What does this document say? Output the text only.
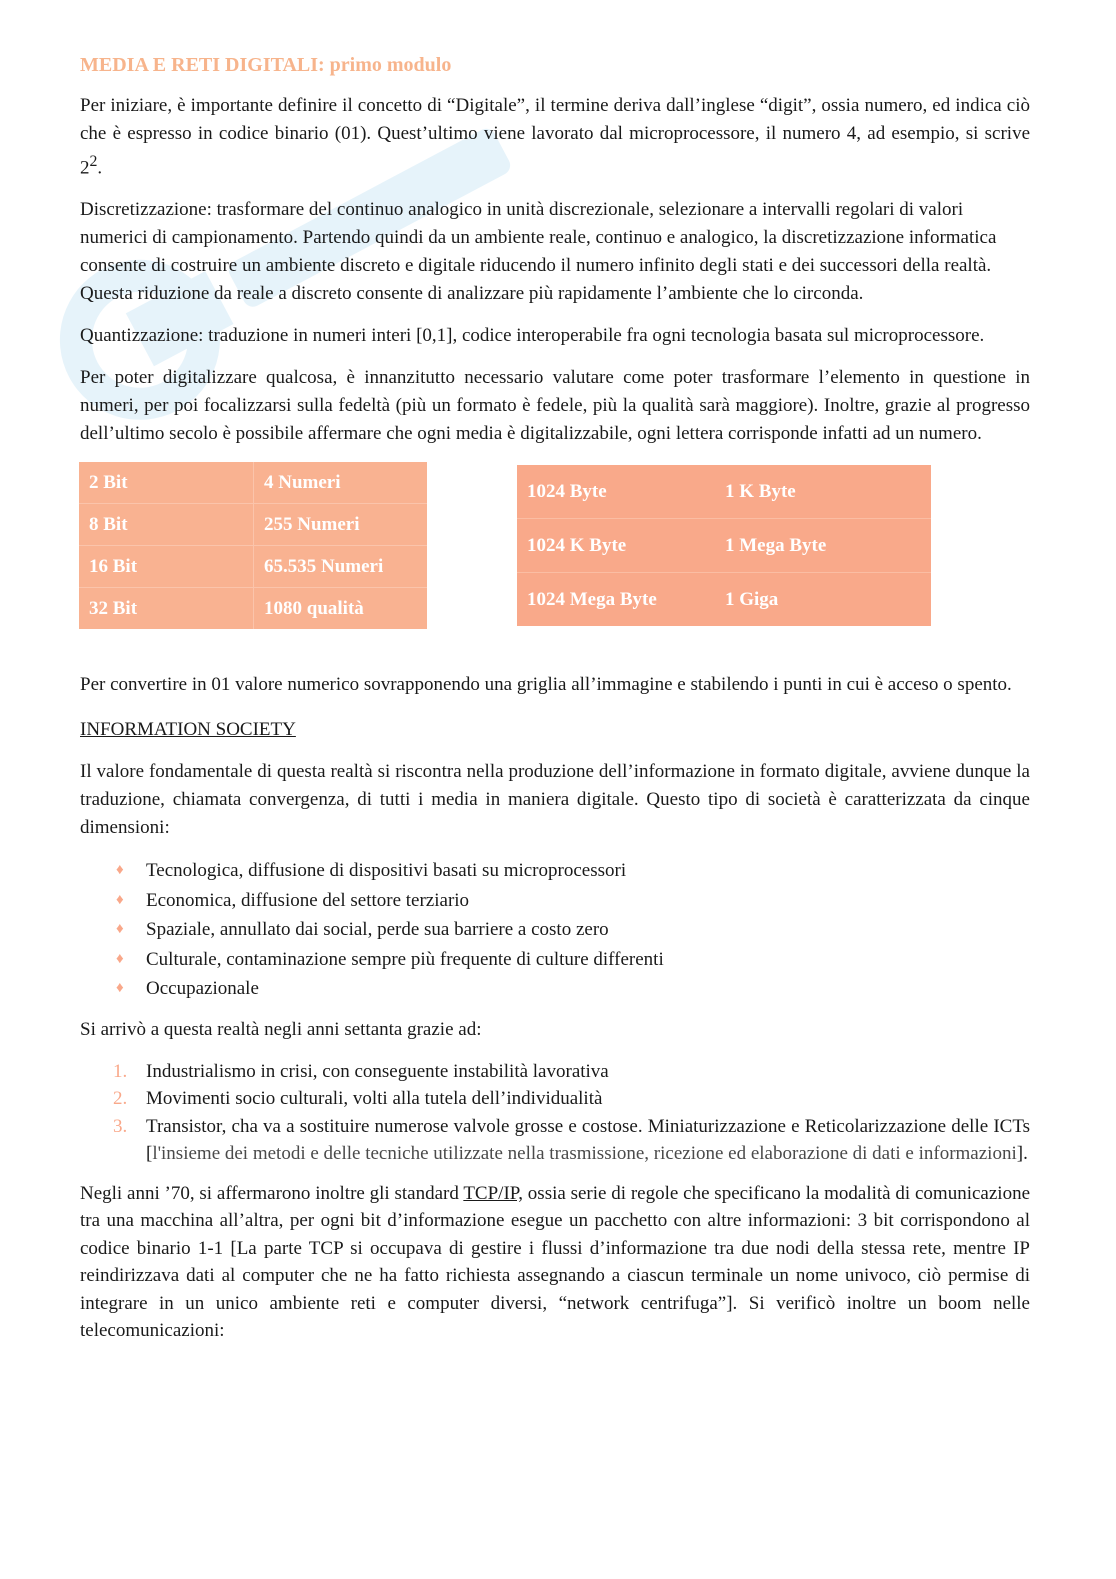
MEDIA E RETI DIGITALI: primo modulo

Per iniziare, è importante definire il concetto di “Digitale”, il termine deriva dall’inglese “digit”, ossia numero, ed indica ciò che è espresso in codice binario (01). Quest’ultimo viene lavorato dal microprocessore, il numero 4, ad esempio, si scrive $2^2$.

Discretizzazione: trasformare del continuo analogico in unità discrezionale, selezionare a intervalli regolari di valori numerici di campionamento. Partendo quindi da un ambiente reale, continuo e analogico, la discretizzazione informatica consente di costruire un ambiente discreto e digitale riducendo il numero infinito degli stati e dei successori della realtà. Questa riduzione da reale a discreto consente di analizzare più rapidamente l’ambiente che lo circonda.

Quantizzazione: traduzione in numeri interi [0,1], codice interoperabile fra ogni tecnologia basata sul microprocessore.

Per poter digitalizzare qualcosa, è innanzitutto necessario valutare come poter trasformare l’elemento in questione in numeri, per poi focalizzarsi sulla fedeltà (più un formato è fedele, più la qualità sarà maggiore). Inoltre, grazie al progresso dell’ultimo secolo è possibile affermare che ogni media è digitalizzabile, ogni lettera corrisponde infatti ad un numero.

2 Bit	4 Numeri
8 Bit	255 Numeri
16 Bit	65.535 Numeri
32 Bit	1080 qualità
1024 Byte	1 K Byte
1024 K Byte	1 Mega Byte
1024 Mega Byte	1 Giga

Per convertire in 01 valore numerico sovrapponendo una griglia all’immagine e stabilendo i punti in cui è acceso o spento.

INFORMATION SOCIETY

Il valore fondamentale di questa realtà si riscontra nella produzione dell’informazione in formato digitale, avviene dunque la traduzione, chiamata convergenza, di tutti i media in maniera digitale. Questo tipo di società è caratterizzata da cinque dimensioni:

♦ Tecnologica, diffusione di dispositivi basati su microprocessori
♦ Economica, diffusione del settore terziario
♦ Spaziale, annullato dai social, perde sua barriere a costo zero
♦ Culturale, contaminazione sempre più frequente di culture differenti
♦ Occupazionale

Si arrivò a questa realtà negli anni settanta grazie ad:

1. Industrialismo in crisi, con conseguente instabilità lavorativa
2. Movimenti socio culturali, volti alla tutela dell’individualità
3. Transistor, cha va a sostituire numerose valvole grosse e costose. Miniaturizzazione e Reticolarizzazione delle ICTs [l'insieme dei metodi e delle tecniche utilizzate nella trasmissione, ricezione ed elaborazione di dati e informazioni].

Negli anni ’70, si affermarono inoltre gli standard TCP/IP, ossia serie di regole che specificano la modalità di comunicazione tra una macchina all’altra, per ogni bit d’informazione esegue un pacchetto con altre informazioni: 3 bit corrispondono al codice binario 1-1 [La parte TCP si occupava di gestire i flussi d’informazione tra due nodi della stessa rete, mentre IP reindirizzava dati al computer che ne ha fatto richiesta assegnando a ciascun terminale un nome univoco, ciò permise di integrare in un unico ambiente reti e computer diversi, “network centrifuga”]. Si verificò inoltre un boom nelle telecomunicazioni:
